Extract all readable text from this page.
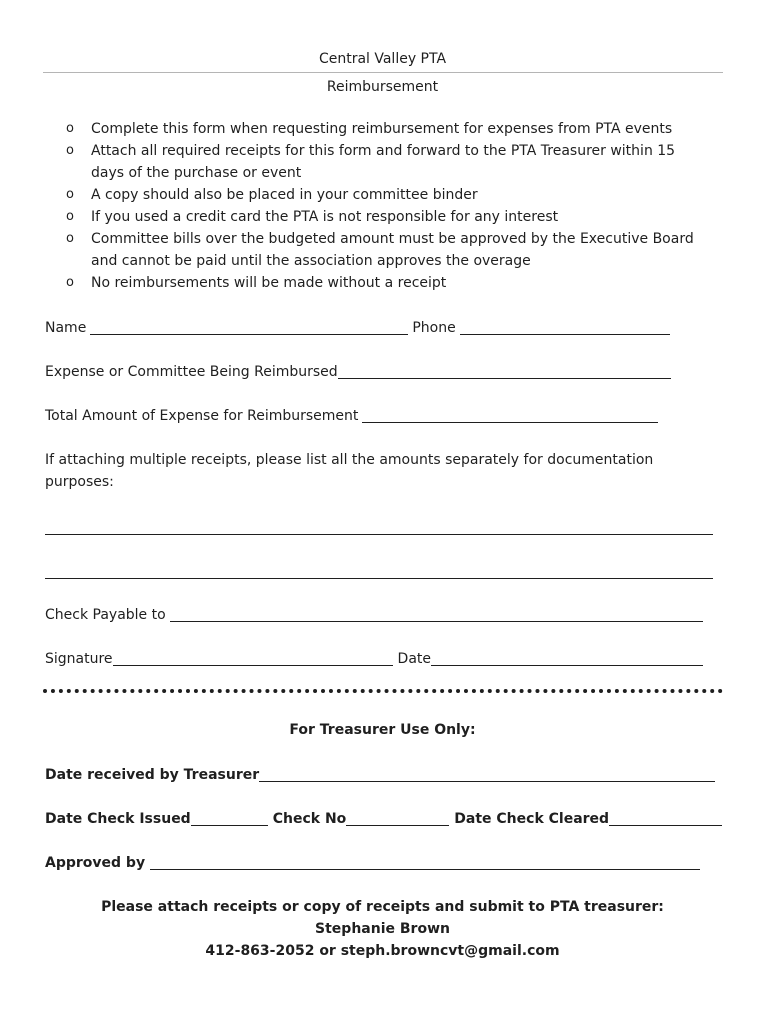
Central Valley PTA
Reimbursement
o Complete this form when requesting reimbursement for expenses from PTA events
o Attach all required receipts for this form and forward to the PTA Treasurer within 15 days of the purchase or event
o A copy should also be placed in your committee binder
o If you used a credit card the PTA is not responsible for any interest
o Committee bills over the budgeted amount must be approved by the Executive Board and cannot be paid until the association approves the overage
o No reimbursements will be made without a receipt
Name	Phone
Expense or Committee Being Reimbursed
Total Amount of Expense for Reimbursement
If attaching multiple receipts, please list all the amounts separately for documentation purposes:
Check Payable to
Signature	Date
For Treasurer Use Only:
Date received by Treasurer
Date Check Issued	Check No	Date Check Cleared
Approved by
Please attach receipts or copy of receipts and submit to PTA treasurer:
Stephanie Brown
412-863-2052 or steph.browncvt@gmail.com
